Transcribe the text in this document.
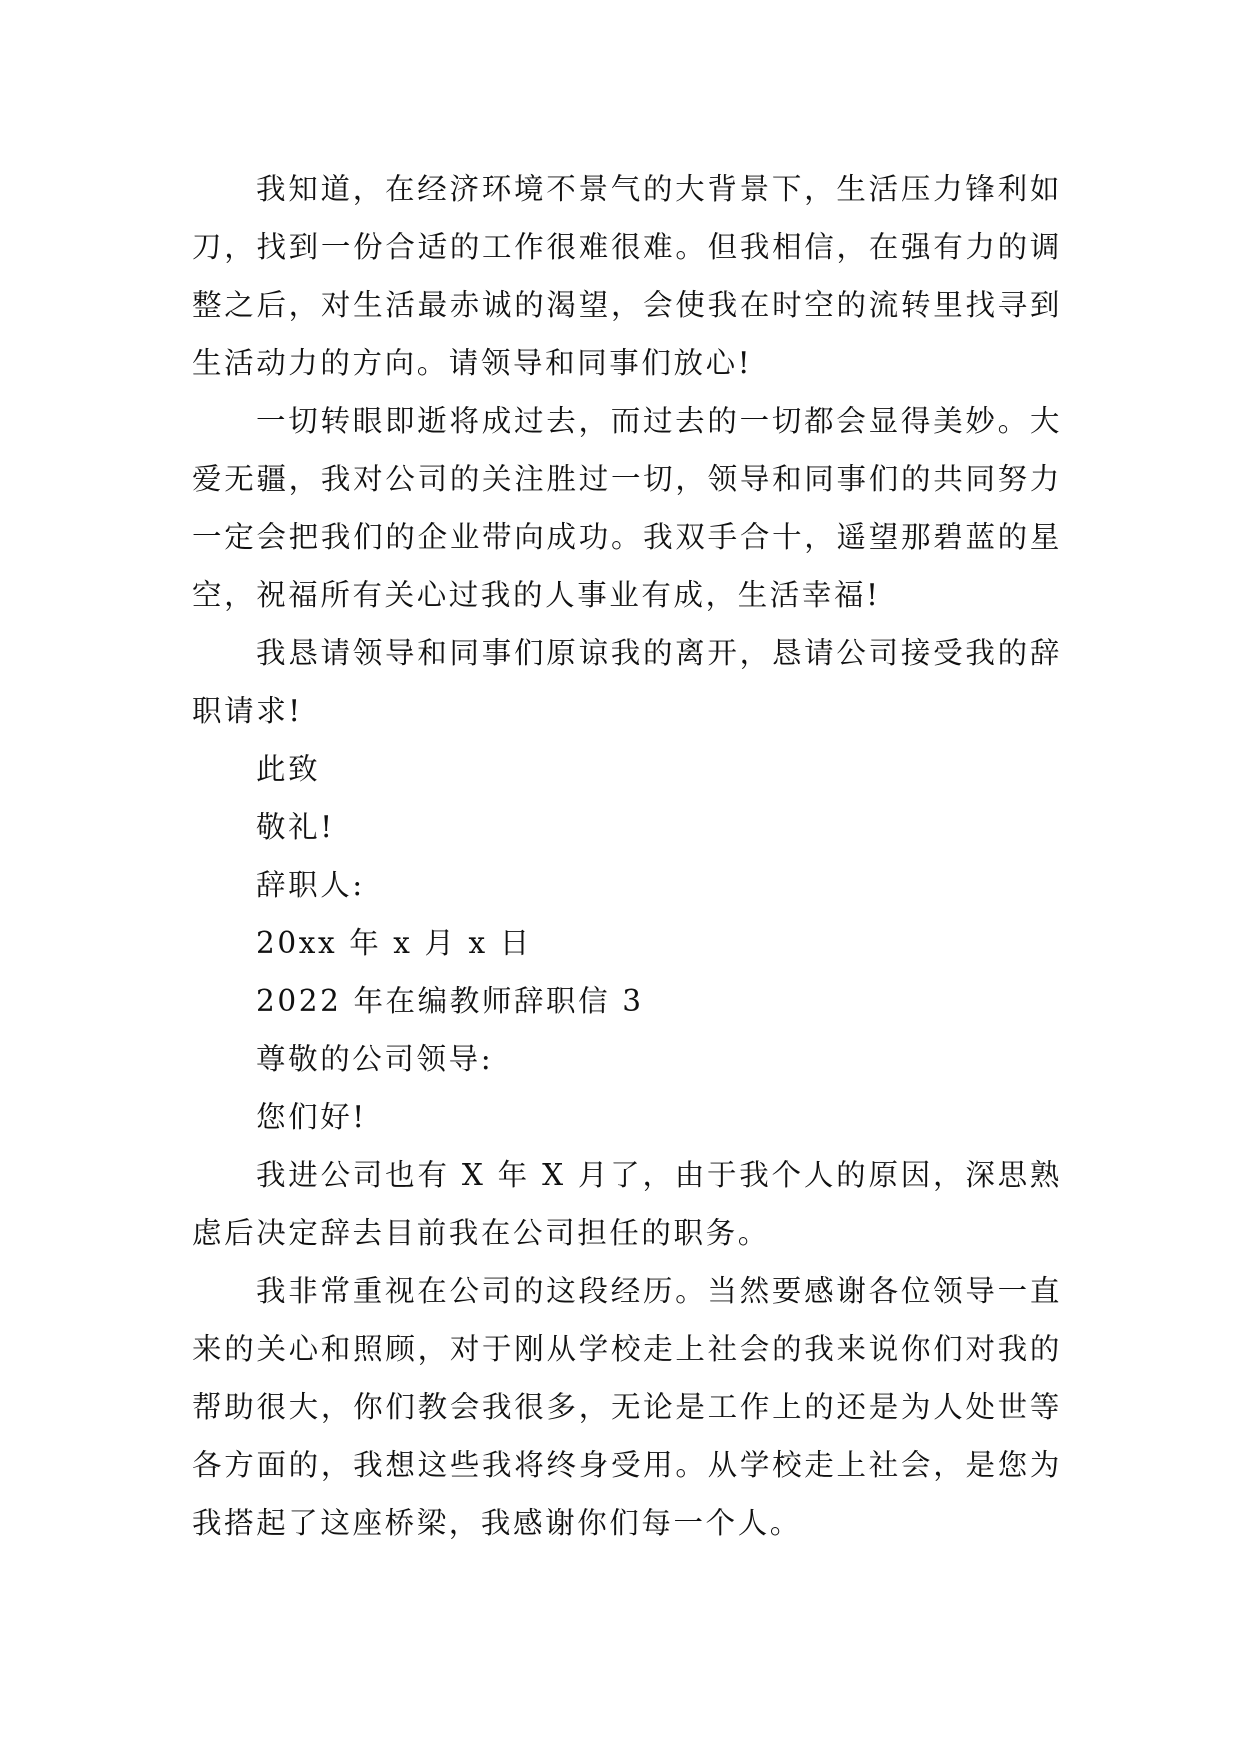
我知道，在经济环境不景气的大背景下，生活压力锋利如刀，找到一份合适的工作很难很难。但我相信，在强有力的调整之后，对生活最赤诚的渴望，会使我在时空的流转里找寻到生活动力的方向。请领导和同事们放心!

一切转眼即逝将成过去，而过去的一切都会显得美妙。大爱无疆，我对公司的关注胜过一切，领导和同事们的共同努力一定会把我们的企业带向成功。我双手合十，遥望那碧蓝的星空，祝福所有关心过我的人事业有成，生活幸福!

我恳请领导和同事们原谅我的离开，恳请公司接受我的辞职请求!

此致

敬礼!

辞职人:

20xx 年 x 月 x 日

2022 年在编教师辞职信 3

尊敬的公司领导:

您们好!

我进公司也有 X 年 X 月了，由于我个人的原因，深思熟虑后决定辞去目前我在公司担任的职务。

我非常重视在公司的这段经历。当然要感谢各位领导一直来的关心和照顾，对于刚从学校走上社会的我来说你们对我的帮助很大，你们教会我很多，无论是工作上的还是为人处世等各方面的，我想这些我将终身受用。从学校走上社会，是您为我搭起了这座桥梁，我感谢你们每一个人。
